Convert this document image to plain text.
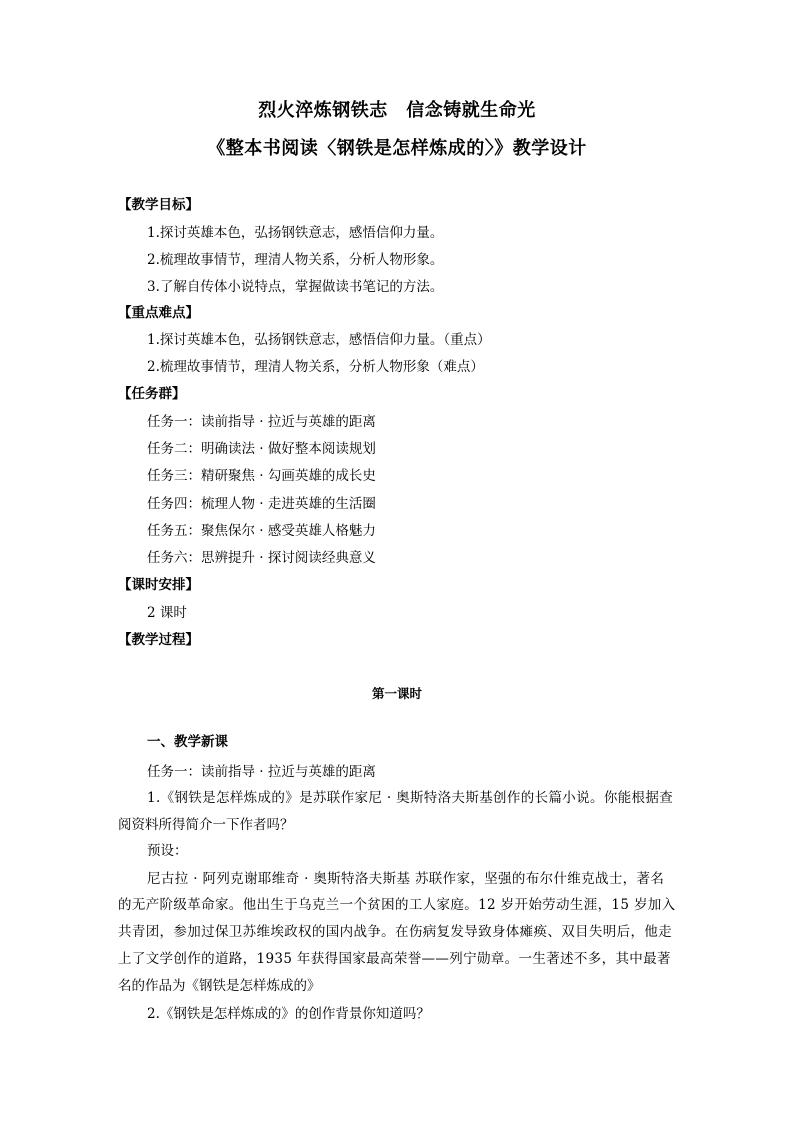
烈火淬炼钢铁志　信念铸就生命光
《整本书阅读〈钢铁是怎样炼成的〉》教学设计
【教学目标】
1.探讨英雄本色，弘扬钢铁意志，感悟信仰力量。
2.梳理故事情节，理清人物关系，分析人物形象。
3.了解自传体小说特点，掌握做读书笔记的方法。
【重点难点】
1.探讨英雄本色，弘扬钢铁意志，感悟信仰力量。（重点）
2.梳理故事情节，理清人物关系，分析人物形象（难点）
【任务群】
任务一：读前指导 · 拉近与英雄的距离
任务二：明确读法 · 做好整本阅读规划
任务三：精研聚焦 · 勾画英雄的成长史
任务四：梳理人物 · 走进英雄的生活圈
任务五：聚焦保尔 · 感受英雄人格魅力
任务六：思辨提升 · 探讨阅读经典意义
【课时安排】
2 课时
【教学过程】
第一课时
一、教学新课
任务一：读前指导 · 拉近与英雄的距离
1.《钢铁是怎样炼成的》是苏联作家尼 · 奥斯特洛夫斯基创作的长篇小说。你能根据查
阅资料所得简介一下作者吗？
预设：
尼古拉 · 阿列克谢耶维奇 · 奥斯特洛夫斯基 苏联作家，坚强的布尔什维克战士，著名
的无产阶级革命家。他出生于乌克兰一个贫困的工人家庭。12 岁开始劳动生涯，15 岁加入
共青团，参加过保卫苏维埃政权的国内战争。在伤病复发导致身体瘫痪、双目失明后，他走
上了文学创作的道路，1935 年获得国家最高荣誉——列宁勋章。一生著述不多，其中最著
名的作品为《钢铁是怎样炼成的》
2.《钢铁是怎样炼成的》的创作背景你知道吗？
